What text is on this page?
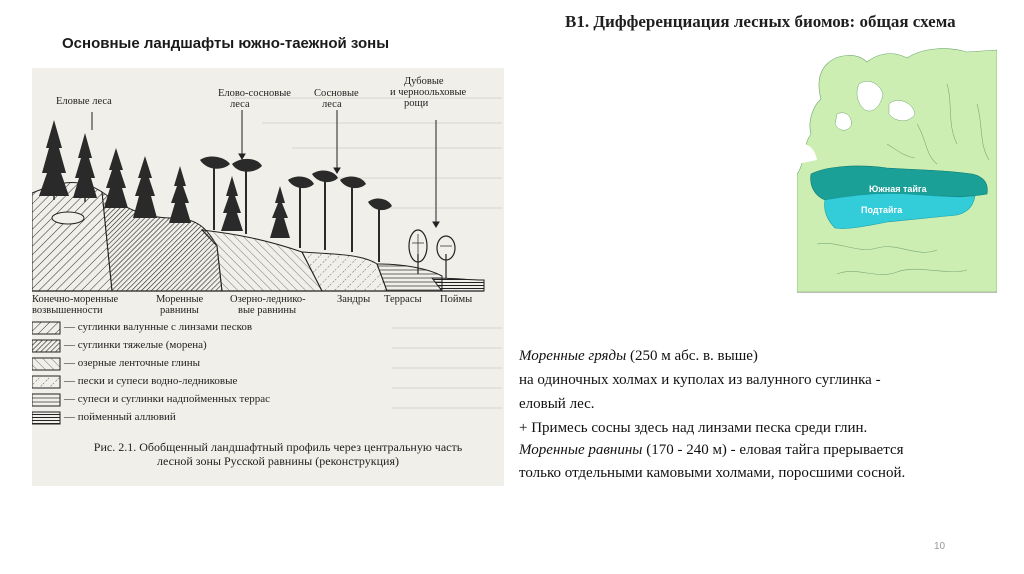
В1. Дифференциация лесных биомов: общая схема
Основные ландшафты южно-таежной зоны
Еловые леса
Елово-сосновые
леса
Сосновые
леса
Дубовые
и черноольховые
рощи
Конечно-моренные
возвышенности
Моренные
равнины
Озерно-леднико-
вые равнины
Зандры Террасы Поймы
— суглинки валунные с линзами песков
— суглинки тяжелые (морена)
— озерные ленточные глины
— пески и супеси водно-ледниковые
— супеси и суглинки надпойменных террас
— пойменный аллювий
Рис. 2.1. Обобщенный ландшафтный профиль через центральную часть
лесной зоны Русской равнины (реконструкция)
Южная тайга
Подтайга
Моренные гряды (250 м абс. в. выше)
на одиночных холмах и куполах из валунного суглинка -
еловый лес.
+ Примесь сосны здесь над линзами песка среди глин.
Моренные равнины (170 - 240 м) - еловая тайга прерывается
только отдельными камовыми холмами, поросшими сосной.
10
